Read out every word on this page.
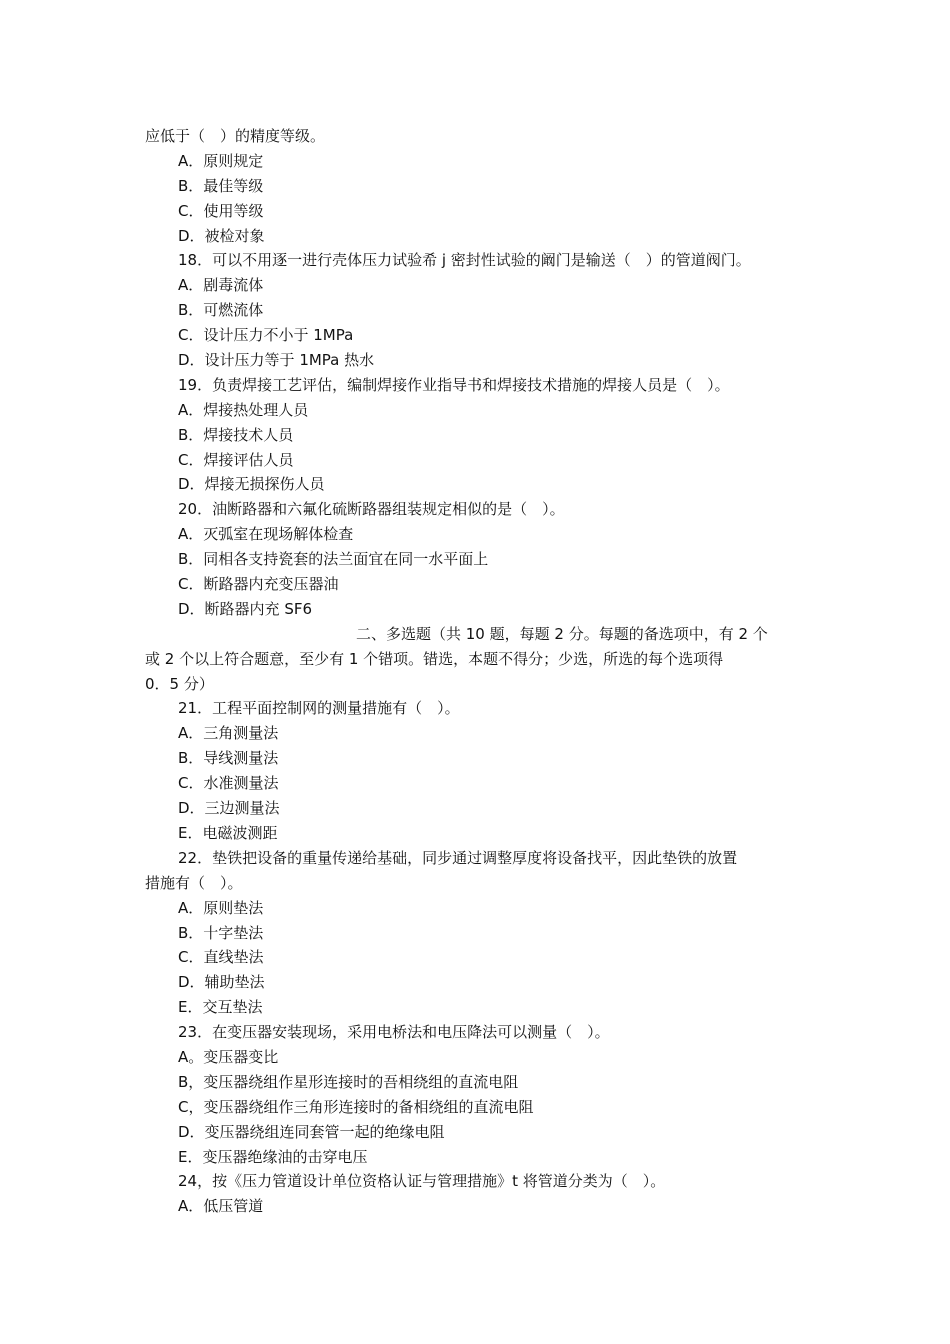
应低于（　）的精度等级。
A．原则规定
B．最佳等级
C．使用等级
D．被检对象
18．可以不用逐一进行壳体压力试验希 j 密封性试验的阚门是输送（　）的管道阀门。
A．剧毒流体
B．可燃流体
C．设计压力不小于 1MPa
D．设计压力等于 1MPa 热水
19．负责焊接工艺评估，编制焊接作业指导书和焊接技术措施的焊接人员是（　）。
A．焊接热处理人员
B．焊接技术人员
C．焊接评估人员
D．焊接无损探伤人员
20．油断路器和六氟化硫断路器组装规定相似的是（　）。
A．灭弧室在现场解体检查
B．同相各支持瓷套的法兰面宜在同一水平面上
C．断路器内充变压器油
D．断路器内充 SF6
二、多选题（共 10 题，每题 2 分。每题的备选项中，有 2 个
或 2 个以上符合题意，至少有 1 个错项。错选，本题不得分；少选，所选的每个选项得
0．5 分）
21．工程平面控制网的测量措施有（　）。
A．三角测量法
B．导线测量法
C．水准测量法
D．三边测量法
E．电磁波测距
22．垫铁把设备的重量传递给基础，同步通过调整厚度将设备找平，因此垫铁的放置
措施有（　）。
A．原则垫法
B．十字垫法
C．直线垫法
D．辅助垫法
E．交互垫法
23．在变压器安装现场，采用电桥法和电压降法可以测量（　）。
A。变压器变比
B，变压器绕组作星形连接时的吾相绕组的直流电阻
C，变压器绕组作三角形连接时的备相绕组的直流电阻
D．变压器绕组连同套管一起的绝缘电阻
E．变压器绝缘油的击穿电压
24，按《压力管道设计单位资格认证与管理措施》t 将管道分类为（　）。
A．低压管道
